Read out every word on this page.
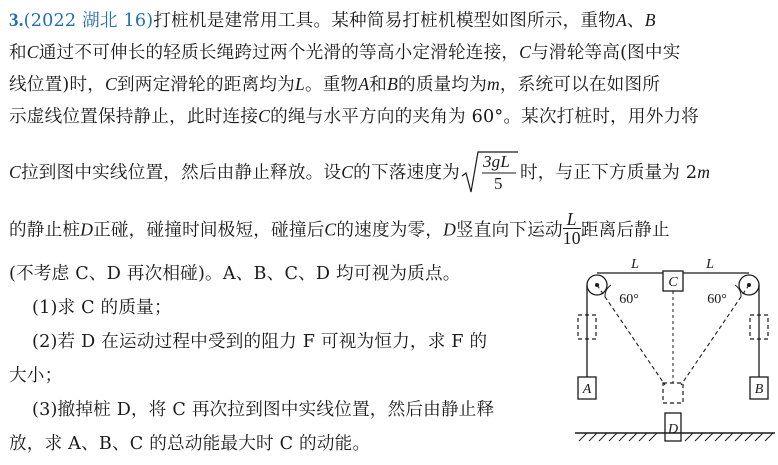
3.(2022 湖北 16)打桩机是建常用工具。某种简易打桩机模型如图所示，重物A、B
和C通过不可伸长的轻质长绳跨过两个光滑的等高小定滑轮连接，C与滑轮等高(图中实
线位置)时，C到两定滑轮的距离均为L。重物A和B的质量均为m，系统可以在如图所
示虚线位置保持静止，此时连接C的绳与水平方向的夹角为 60°。某次打桩时，用外力将
C拉到图中实线位置，然后由静止释放。设C的下落速度为
3gL
5
时，与正下方质量为 2m
的静止桩D正碰，碰撞时间极短，碰撞后C的速度为零，D竖直向下运动 $\frac{L}{10}$ 距离后静止
(不考虑 C、D 再次相碰)。A、B、C、D 均可视为质点。
(1)求 C 的质量；
(2)若 D 在运动过程中受到的阻力 F 可视为恒力，求 F 的
大小；
(3)撤掉桩 D，将 C 再次拉到图中实线位置，然后由静止释
放，求 A、B、C 的总动能最大时 C 的动能。
A	B
C
L	L
60°	60°
D
